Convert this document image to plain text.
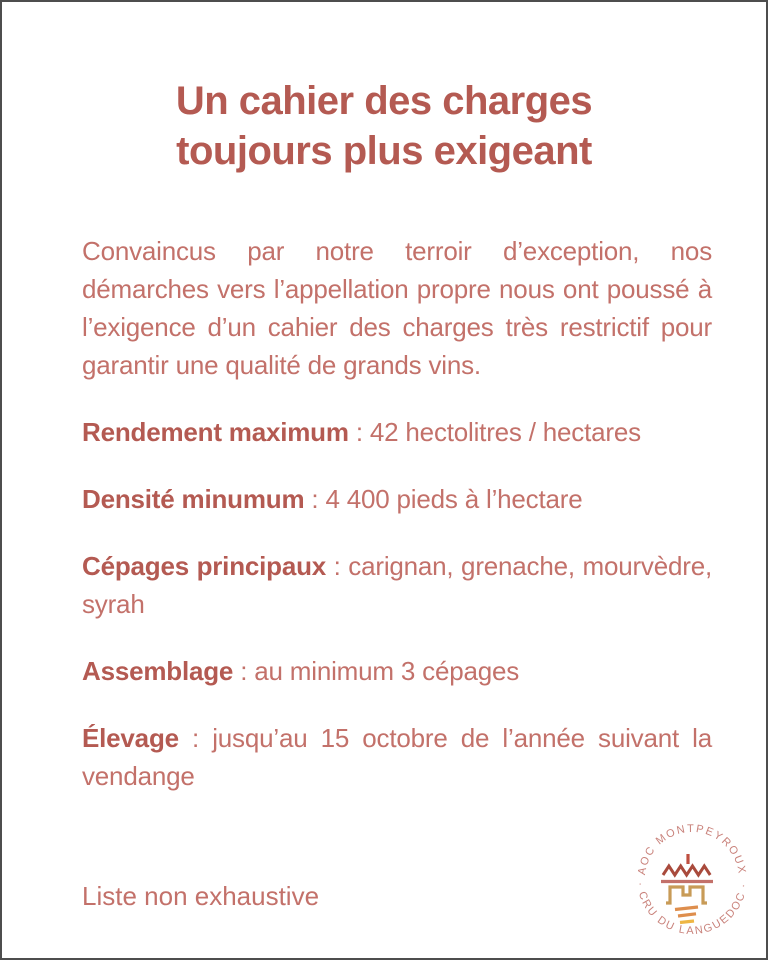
Un cahier des charges
toujours plus exigeant

Convaincus par notre terroir d’exception, nos démarches vers l’appellation propre nous ont poussé à l’exigence d’un cahier des charges très restrictif pour garantir une qualité de grands vins.

Rendement maximum : 42 hectolitres / hectares
Densité minumum : 4 400 pieds à l’hectare
Cépages principaux : carignan, grenache, mourvèdre, syrah
Assemblage : au minimum 3 cépages
Élevage : jusqu’au 15 octobre de l’année suivant la vendange
Liste non exhaustive
AOC MONTPEYROUX
· CRU DU LANGUEDOC ·
